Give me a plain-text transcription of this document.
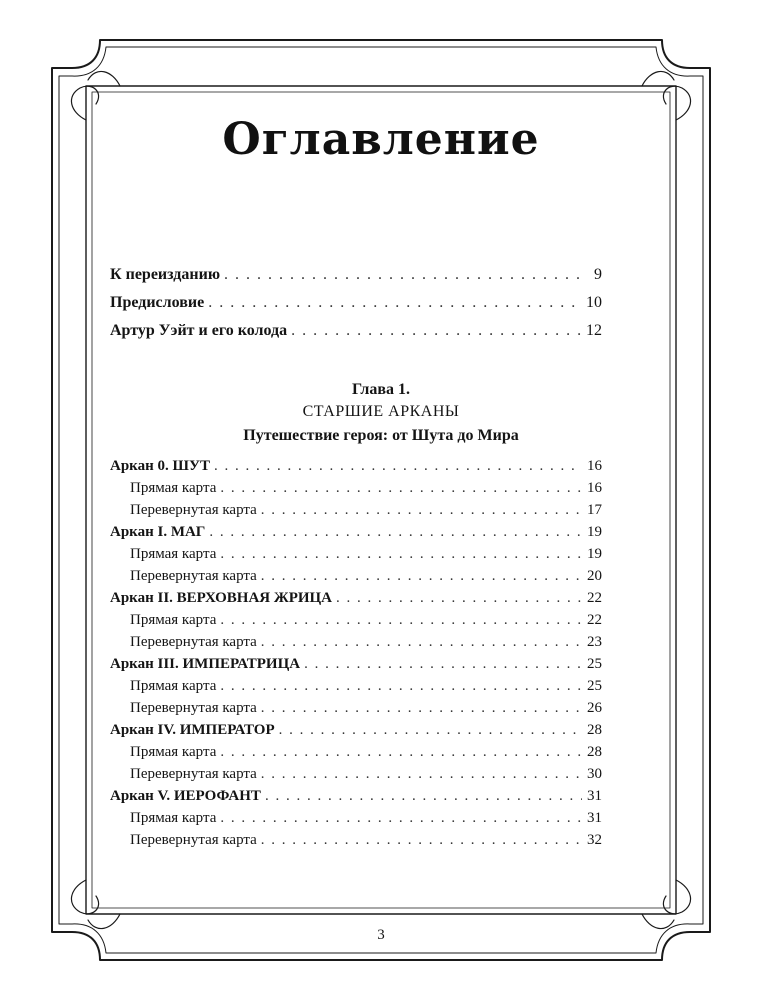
Оглавление
К переизданию . . .	9
Предисловие . . .	10
Артур Уэйт и его колода . . .	12
Глава 1.
СТАРШИЕ АРКАНЫ
Путешествие героя: от Шута до Мира
Аркан 0. ШУТ . . .	16
Прямая карта . . .	16
Перевернутая карта . . .	17
Аркан I. МАГ . . .	19
Прямая карта . . .	19
Перевернутая карта . . .	20
Аркан II. ВЕРХОВНАЯ ЖРИЦА . . .	22
Прямая карта . . .	22
Перевернутая карта . . .	23
Аркан III. ИМПЕРАТРИЦА . . .	25
Прямая карта . . .	25
Перевернутая карта . . .	26
Аркан IV. ИМПЕРАТОР . . .	28
Прямая карта . . .	28
Перевернутая карта . . .	30
Аркан V. ИЕРОФАНТ . . .	31
Прямая карта . . .	31
Перевернутая карта . . .	32
3
